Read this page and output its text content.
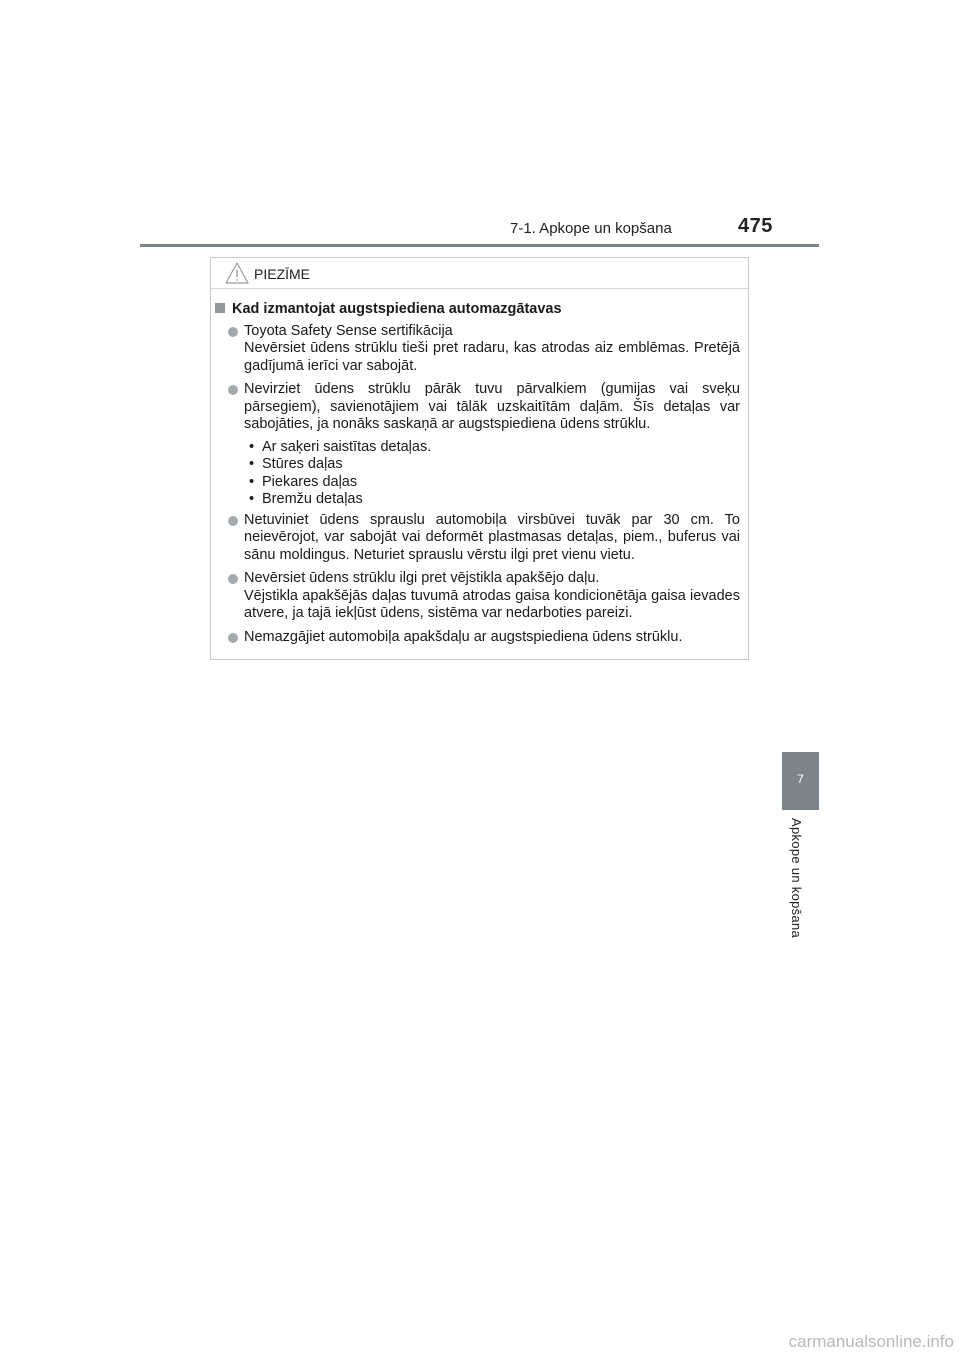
7-1. Apkope un kopšana	475
7
Apkope un kopšana
PIEZĪME
Kad izmantojat augstspiediena automazgātavas
Toyota Safety Sense sertifikācija
Nevērsiet ūdens strūklu tieši pret radaru, kas atrodas aiz emblēmas. Pretējā gadījumā ierīci var sabojāt.
Nevirziet ūdens strūklu pārāk tuvu pārvalkiem (gumijas vai sveķu pārsegiem), savienotājiem vai tālāk uzskaitītām daļām. Šīs detaļas var sabojāties, ja nonāks saskaņā ar augstspiediena ūdens strūklu.
• Ar saķeri saistītas detaļas.
• Stūres daļas
• Piekares daļas
• Bremžu detaļas
Netuviniet ūdens sprauslu automobiļa virsbūvei tuvāk par 30 cm. To neievērojot, var sabojāt vai deformēt plastmasas detaļas, piem., buferus vai sānu moldingus. Neturiet sprauslu vērstu ilgi pret vienu vietu.
Nevērsiet ūdens strūklu ilgi pret vējstikla apakšējo daļu.
Vējstikla apakšējās daļas tuvumā atrodas gaisa kondicionētāja gaisa ievades atvere, ja tajā iekļūst ūdens, sistēma var nedarboties pareizi.
Nemazgājiet automobiļa apakšdaļu ar augstspiediena ūdens strūklu.
carmanualsonline.info
